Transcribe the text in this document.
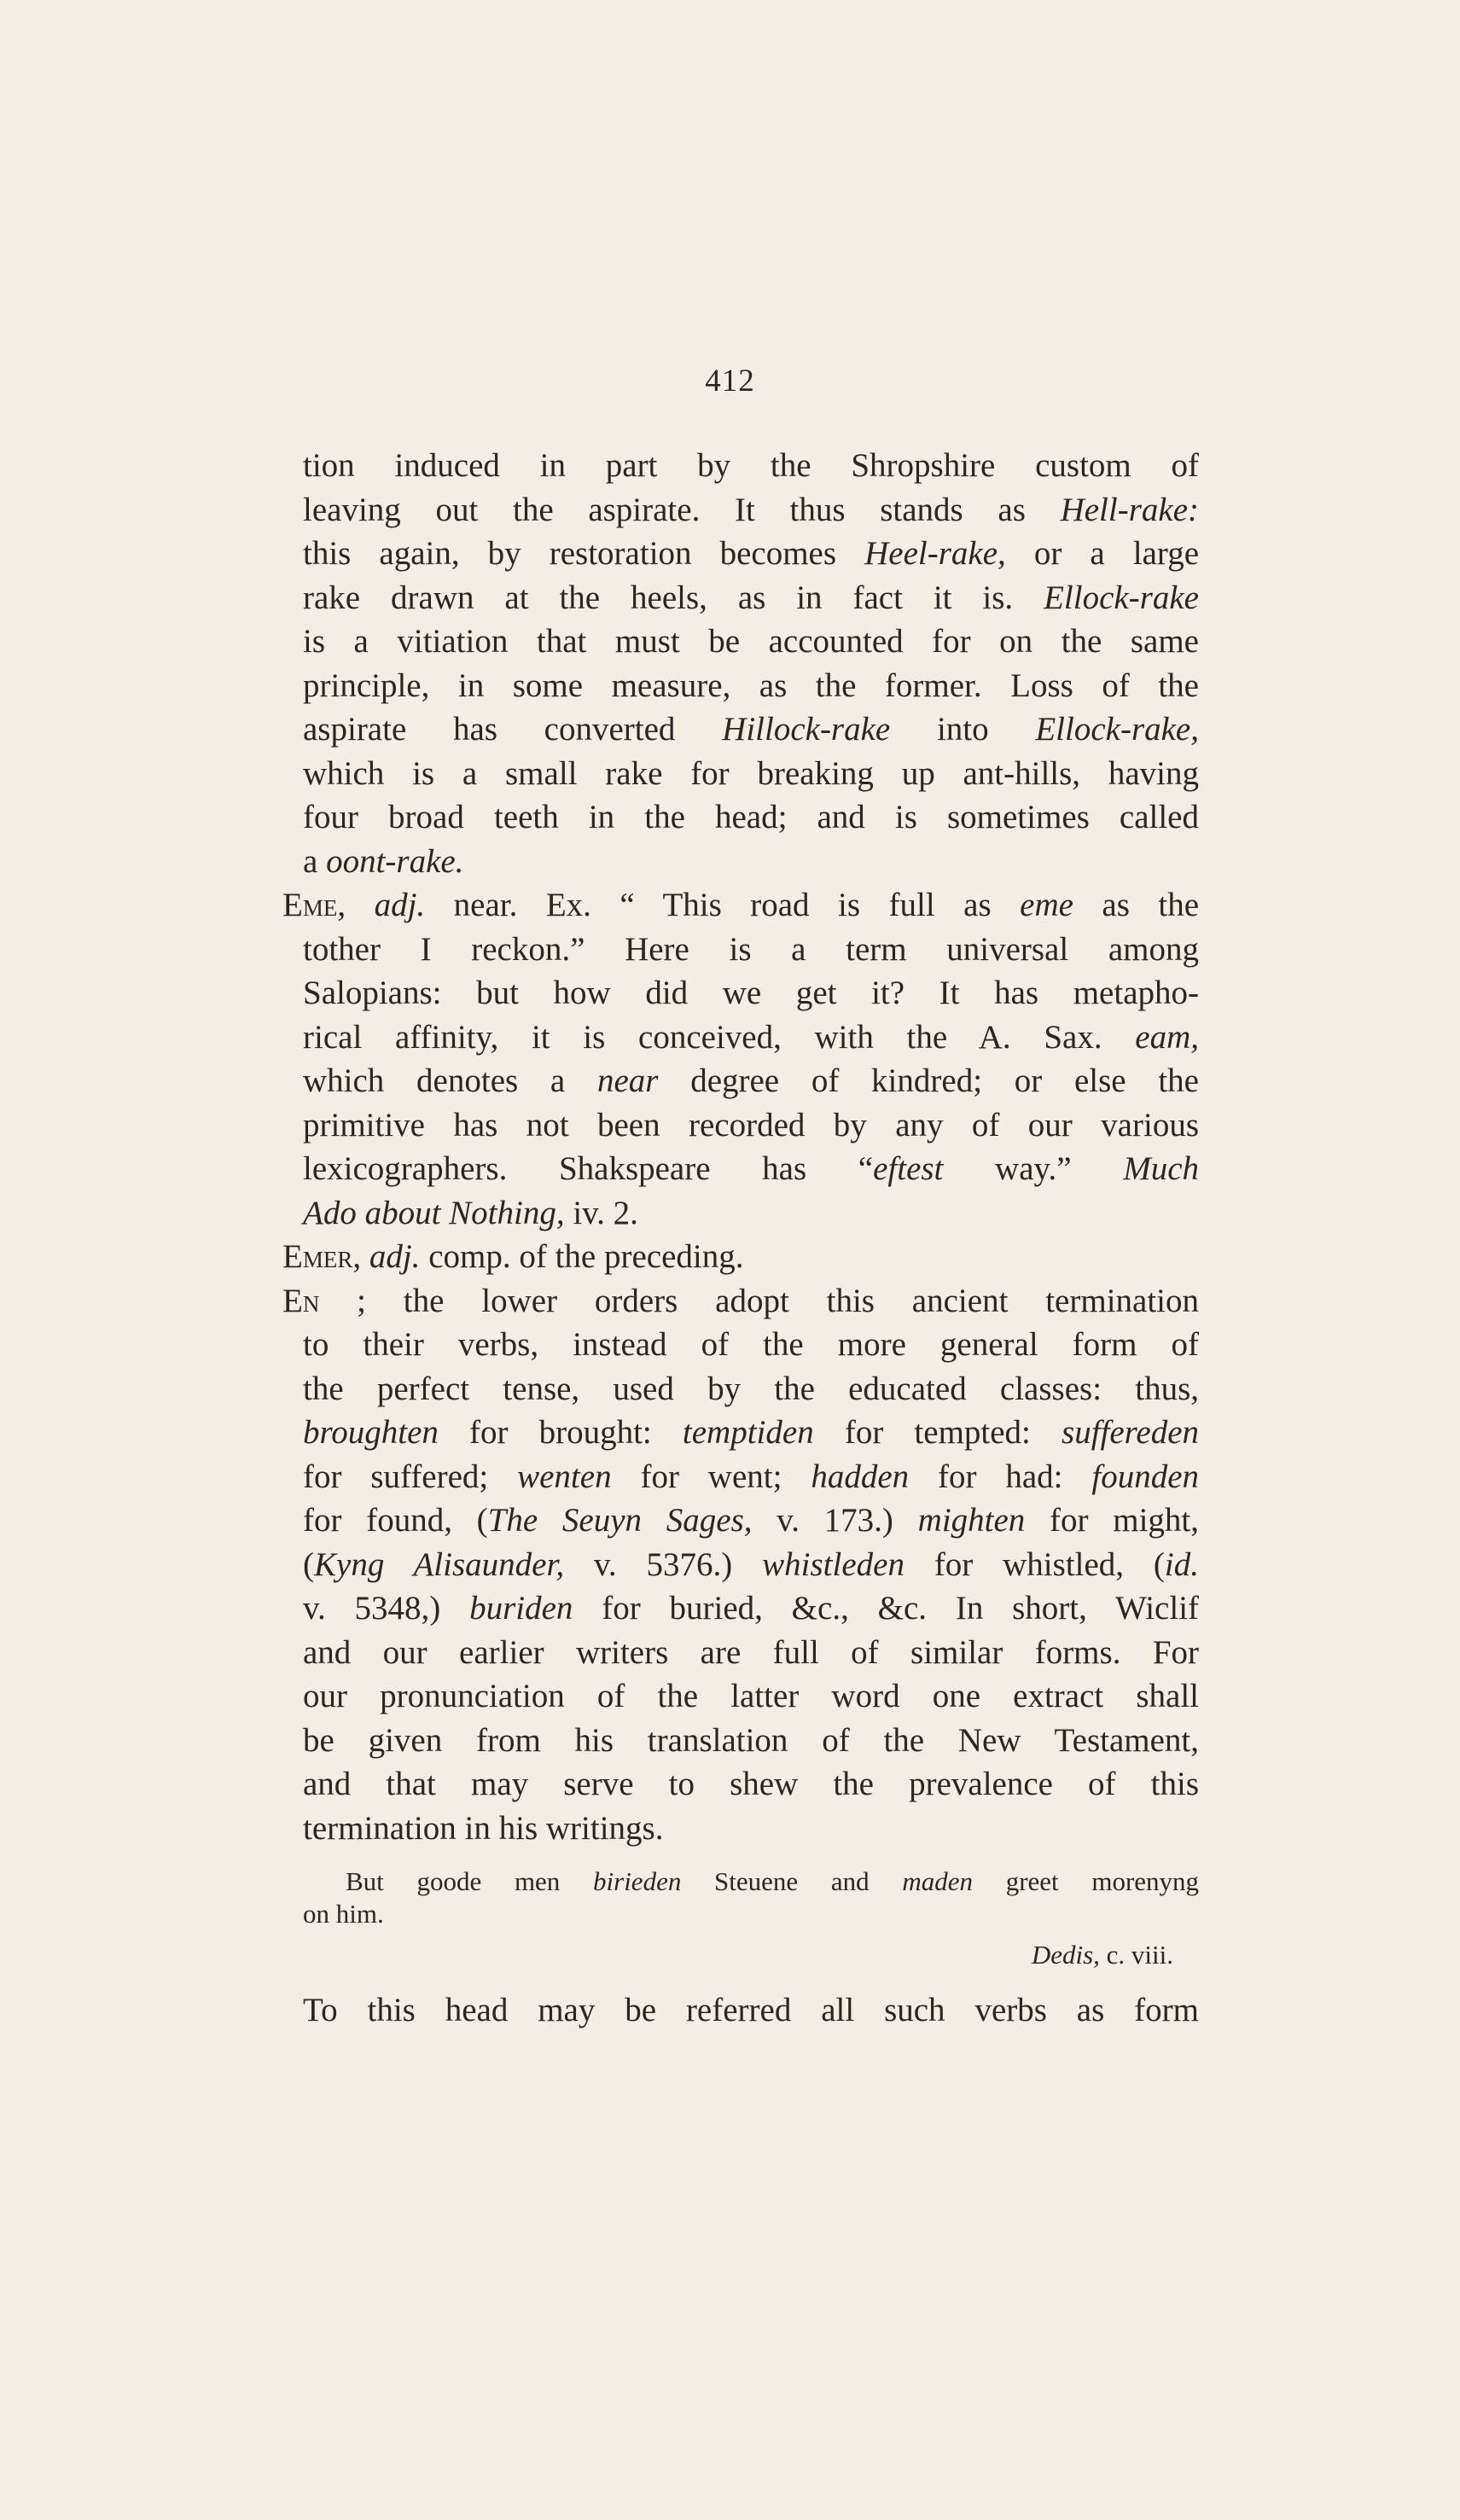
412
tion induced in part by the Shropshire custom of
leaving out the aspirate. It thus stands as Hell-rake:
this again, by restoration becomes Heel-rake, or a large
rake drawn at the heels, as in fact it is. Ellock-rake
is a vitiation that must be accounted for on the same
principle, in some measure, as the former. Loss of the
aspirate has converted Hillock-rake into Ellock-rake,
which is a small rake for breaking up ant-hills, having
four broad teeth in the head; and is sometimes called
a oont-rake.
Eme, adj. near. Ex. “ This road is full as eme as the
tother I reckon.” Here is a term universal among
Salopians: but how did we get it? It has metapho-
rical affinity, it is conceived, with the A. Sax. eam,
which denotes a near degree of kindred; or else the
primitive has not been recorded by any of our various
lexicographers. Shakspeare has “eftest way.” Much
Ado about Nothing, iv. 2.
Emer, adj. comp. of the preceding.
En ; the lower orders adopt this ancient termination
to their verbs, instead of the more general form of
the perfect tense, used by the educated classes: thus,
broughten for brought: temptiden for tempted: suffereden
for suffered; wenten for went; hadden for had: founden
for found, (The Seuyn Sages, v. 173.) mighten for might,
(Kyng Alisaunder, v. 5376.) whistleden for whistled, (id.
v. 5348,) buriden for buried, &c., &c. In short, Wiclif
and our earlier writers are full of similar forms. For
our pronunciation of the latter word one extract shall
be given from his translation of the New Testament,
and that may serve to shew the prevalence of this
termination in his writings.
But goode men birieden Steuene and maden greet morenyng
on him.
Dedis, c. viii.
To this head may be referred all such verbs as form
